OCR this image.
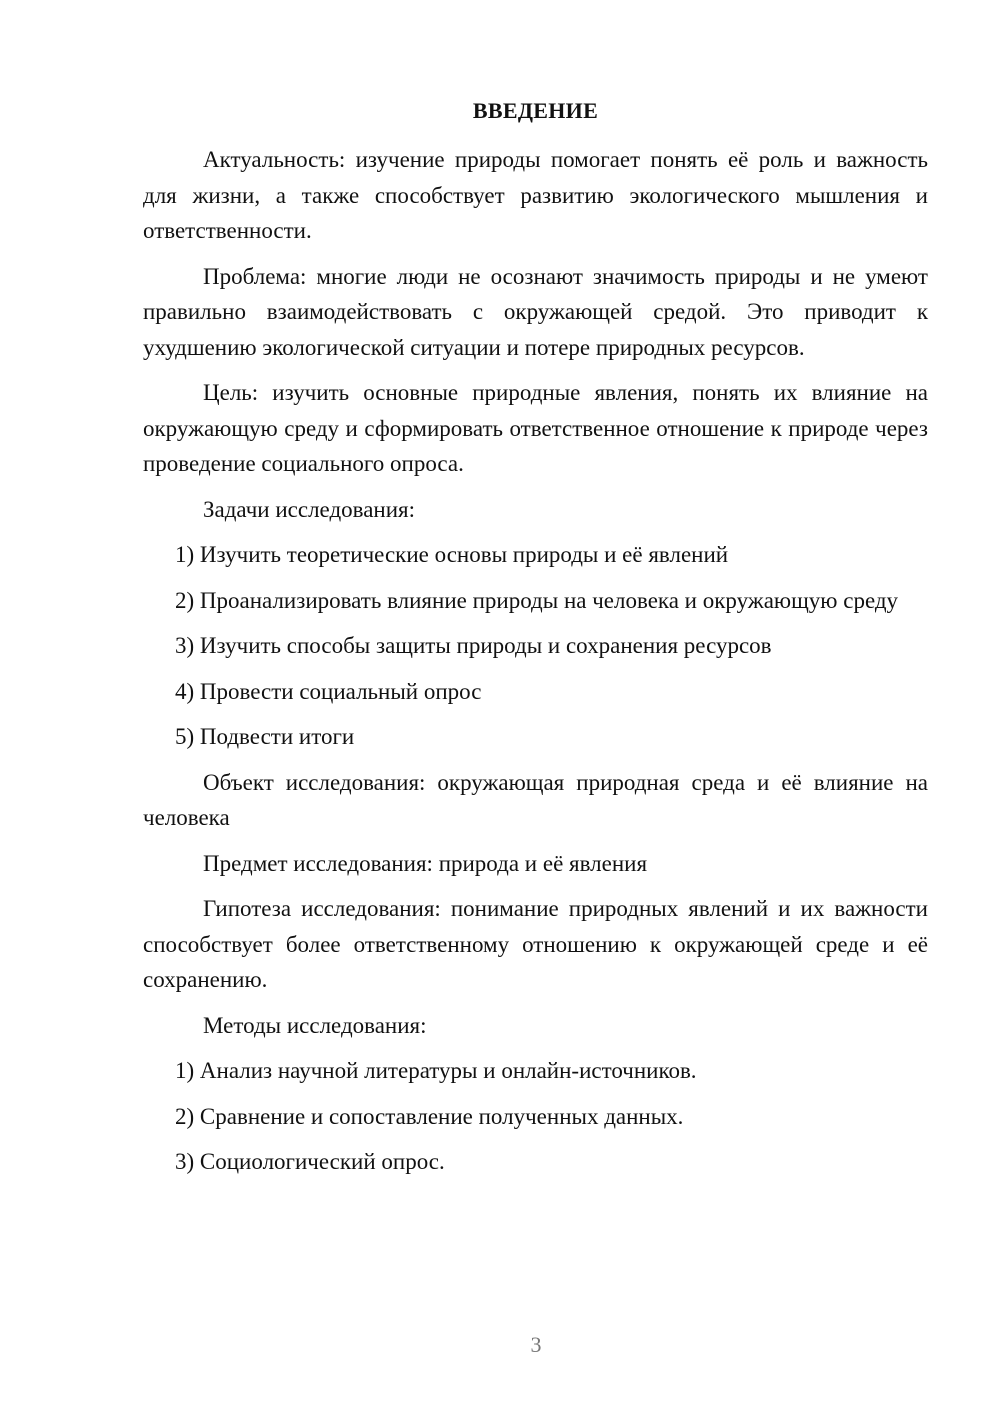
ВВЕДЕНИЕ

Актуальность: изучение природы помогает понять её роль и важность для жизни, а также способствует развитию экологического мышления и ответственности.

Проблема: многие люди не осознают значимость природы и не умеют правильно взаимодействовать с окружающей средой. Это приводит к ухудшению экологической ситуации и потере природных ресурсов.

Цель: изучить основные природные явления, понять их влияние на окружающую среду и сформировать ответственное отношение к природе через проведение социального опроса.

Задачи исследования:

1) Изучить теоретические основы природы и её явлений

2) Проанализировать влияние природы на человека и окружающую среду

3) Изучить способы защиты природы и сохранения ресурсов

4) Провести социальный опрос

5) Подвести итоги

Объект исследования: окружающая природная среда и её влияние на человека

Предмет исследования: природа и её явления

Гипотеза исследования: понимание природных явлений и их важности способствует более ответственному отношению к окружающей среде и её сохранению.

Методы исследования:

1) Анализ научной литературы и онлайн-источников.

2) Сравнение и сопоставление полученных данных.

3) Социологический опрос.

3
